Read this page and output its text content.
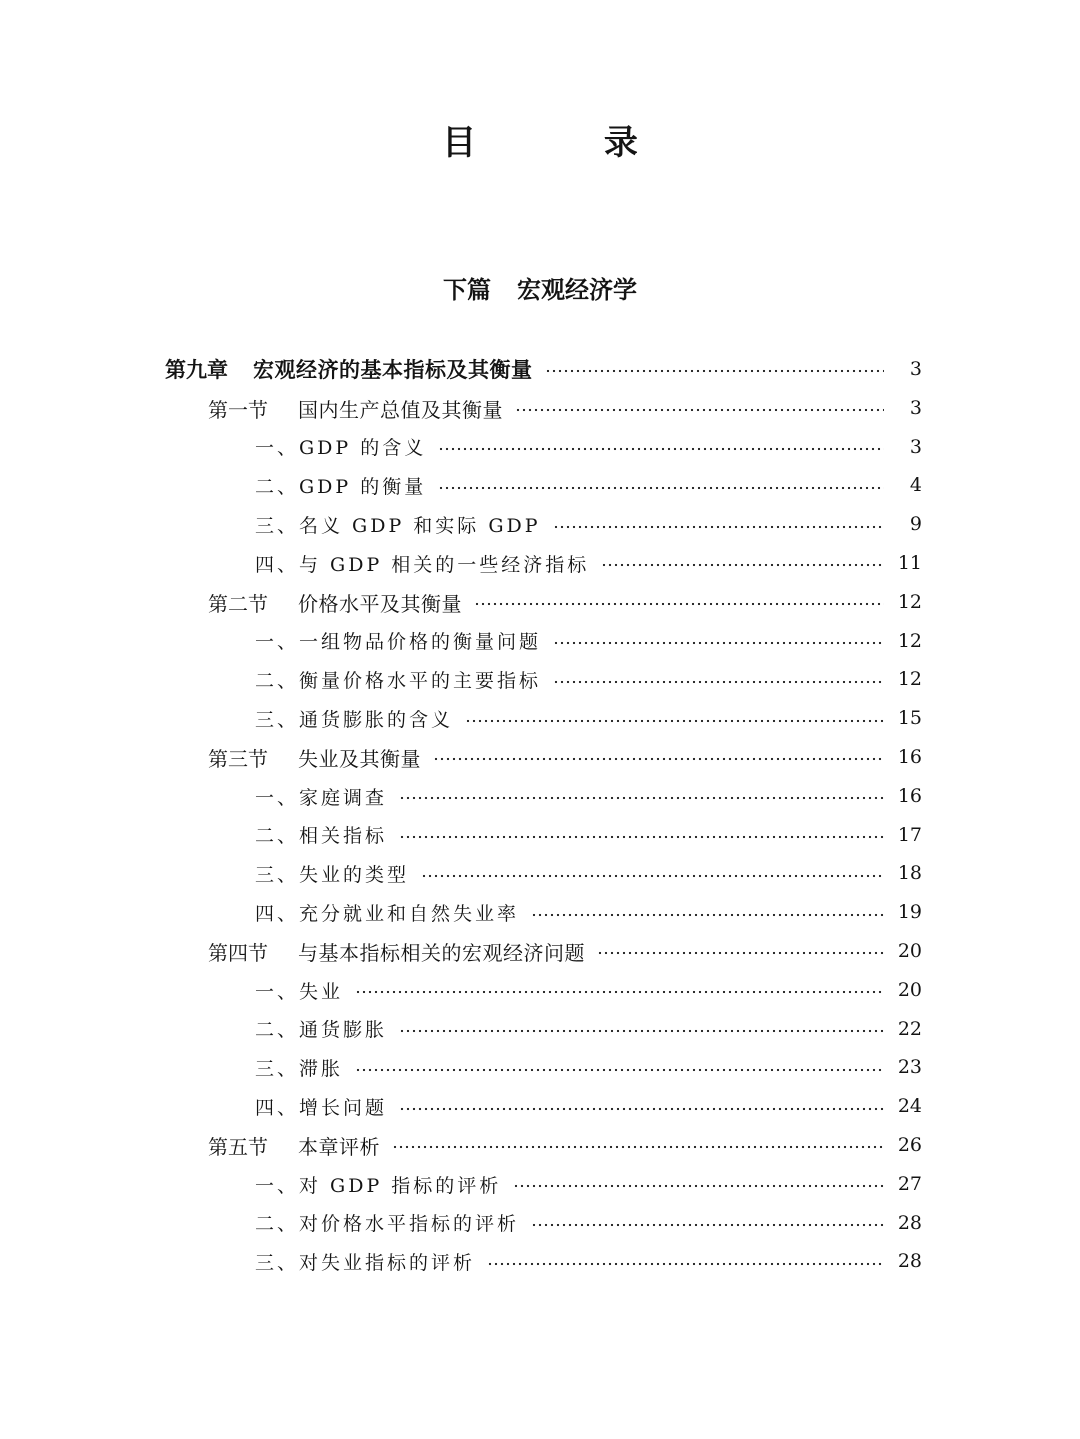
目 录
下篇 宏观经济学
第九章	宏观经济的基本指标及其衡量	3
第一节	国内生产总值及其衡量	3
一、GDP 的含义	3
二、GDP 的衡量	4
三、名义 GDP 和实际 GDP	9
四、与 GDP 相关的一些经济指标	11
第二节	价格水平及其衡量	12
一、一组物品价格的衡量问题	12
二、衡量价格水平的主要指标	12
三、通货膨胀的含义	15
第三节	失业及其衡量	16
一、家庭调查	16
二、相关指标	17
三、失业的类型	18
四、充分就业和自然失业率	19
第四节	与基本指标相关的宏观经济问题	20
一、失业	20
二、通货膨胀	22
三、滞胀	23
四、增长问题	24
第五节	本章评析	26
一、对 GDP 指标的评析	27
二、对价格水平指标的评析	28
三、对失业指标的评析	28
